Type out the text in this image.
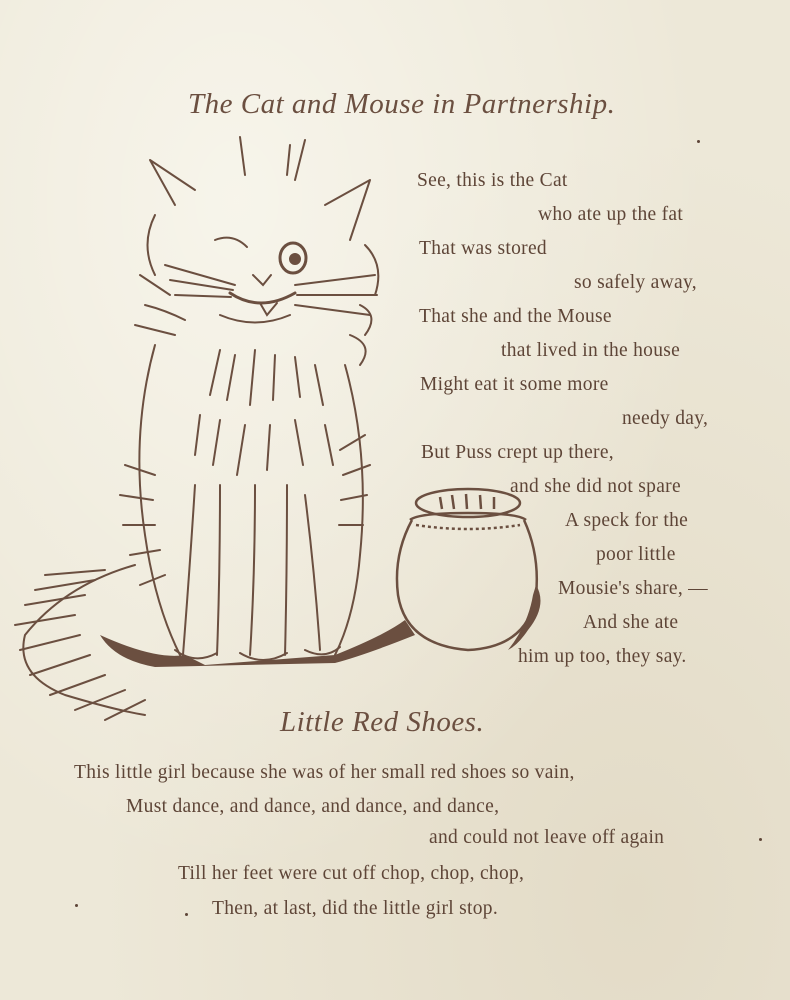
The Cat and Mouse in Partnership.
See, this is the Cat
who ate up the fat
That was stored
so safely away,
That she and the Mouse
that lived in the house
Might eat it some more
needy day,
But Puss crept up there,
and she did not spare
A speck for the
poor little
Mousie's share, —
And she ate
him up too, they say.
Little Red Shoes.
This little girl because she was of her small red shoes so vain,
Must dance, and dance, and dance, and dance,
and could not leave off again
Till her feet were cut off chop, chop, chop,
Then, at last, did the little girl stop.
